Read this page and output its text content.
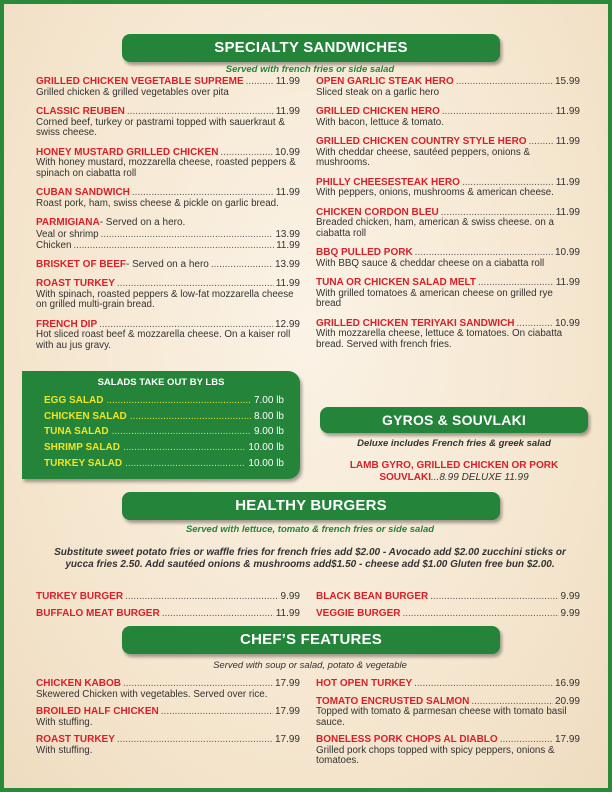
SPECIALTY SANDWICHES
Served with french fries or side salad
GRILLED CHICKEN VEGETABLE SUPREME .....	11.99
Grilled chicken & grilled vegetables over pita
CLASSIC REUBEN .....	11.99
Corned beef, turkey or pastrami topped with sauerkraut & swiss cheese.
HONEY MUSTARD GRILLED CHICKEN .....	10.99
With honey mustard, mozzarella cheese, roasted peppers & spinach on ciabatta roll
CUBAN SANDWICH .....	11.99
Roast pork, ham, swiss cheese & pickle on garlic bread.
PARMIGIANA - Served on a hero.
Veal or shrimp .....	13.99
Chicken .....	11.99
BRISKET OF BEEF - Served on a hero .....	13.99
ROAST TURKEY .....	11.99
With spinach, roasted peppers & low-fat mozzarella cheese on grilled multi-grain bread.
FRENCH DIP .....	12.99
Hot sliced roast beef & mozzarella cheese. On a kaiser roll with au jus gravy.
OPEN GARLIC STEAK HERO .....	15.99
Sliced steak on a garlic hero
GRILLED CHICKEN HERO .....	11.99
With bacon, lettuce & tomato.
GRILLED CHICKEN COUNTRY STYLE HERO .....	11.99
With cheddar cheese, sautéed peppers, onions & mushrooms.
PHILLY CHEESESTEAK HERO .....	11.99
With peppers, onions, mushrooms & american cheese.
CHICKEN CORDON BLEU .....	11.99
Breaded chicken, ham, american & swiss cheese. on a ciabatta roll
BBQ PULLED PORK .....	10.99
With BBQ sauce & cheddar cheese on a ciabatta roll
TUNA OR CHICKEN SALAD MELT .....	11.99
With grilled tomatoes & american cheese on grilled rye bread
GRILLED CHICKEN TERIYAKI SANDWICH .....	10.99
With mozzarella cheese, lettuce & tomatoes. On ciabatta bread. Served with french fries.
SALADS TAKE OUT BY LBS
EGG SALAD .....	7.00 lb
CHICKEN SALAD .....	8.00 lb
TUNA SALAD .....	9.00 lb
SHRIMP SALAD .....	10.00 lb
TURKEY SALAD .....	10.00 lb
GYROS & SOUVLAKI
Deluxe includes French fries & greek salad
LAMB GYRO, GRILLED CHICKEN OR PORK SOUVLAKI...8.99 DELUXE 11.99
HEALTHY BURGERS
Served with lettuce, tomato & french fries or side salad
Substitute sweet potato fries or waffle fries for french fries add $2.00 - Avocado add $2.00 zucchini sticks or yucca fries 2.50. Add sautéed onions & mushrooms add$1.50 - cheese add $1.00 Gluten free bun $2.00.
TURKEY BURGER .....	9.99
BUFFALO MEAT BURGER .....	11.99
BLACK BEAN BURGER .....	9.99
VEGGIE BURGER .....	9.99
CHEF’S FEATURES
Served with soup or salad, potato & vegetable
CHICKEN KABOB .....	17.99
Skewered Chicken with vegetables. Served over rice.
BROILED HALF CHICKEN .....	17.99
With stuffing.
ROAST TURKEY .....	17.99
With stuffing.
HOT OPEN TURKEY .....	16.99
TOMATO ENCRUSTED SALMON .....	20.99
Topped with tomato & parmesan cheese with tomato basil sauce.
BONELESS PORK CHOPS AL DIABLO .....	17.99
Grilled pork chops topped with spicy peppers, onions & tomatoes.
